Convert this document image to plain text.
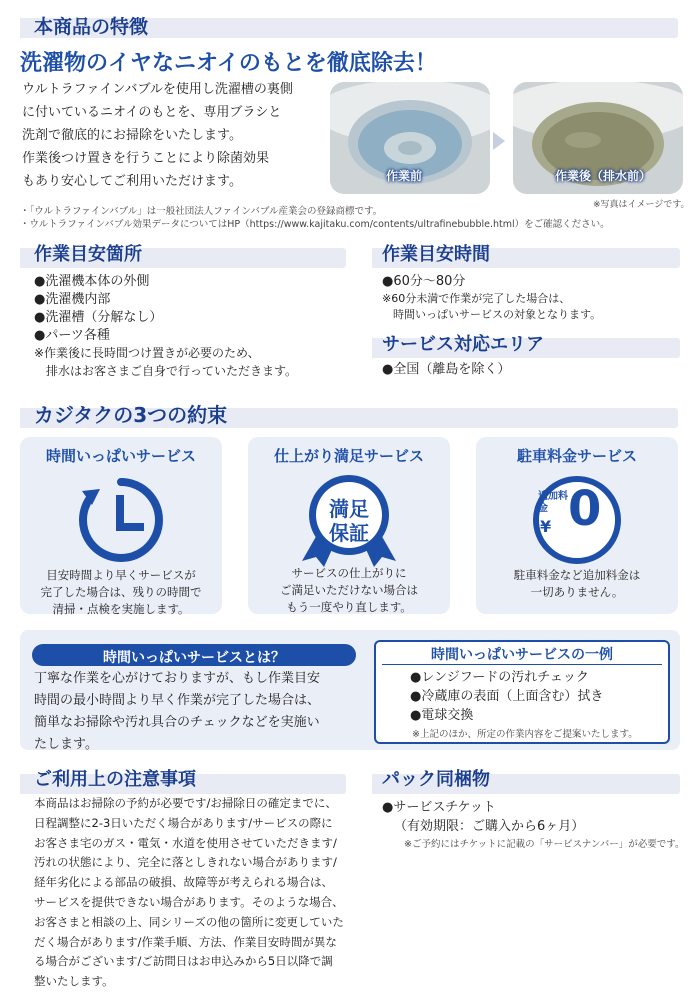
本商品の特徴
洗濯物のイヤなニオイのもとを徹底除去！
ウルトラファインバブルを使用し洗濯槽の裏側
に付いているニオイのもとを、専用ブラシと
洗剤で徹底的にお掃除をいたします。
作業後つけ置きを行うことにより除菌効果
もあり安心してご利用いただけます。	作業前	作業後（排水前）
※写真はイメージです。
・「ウルトラファインバブル」は一般社団法人ファインバブル産業会の登録商標です。
・ウルトラファインバブル効果データについてはHP（https://www.kajitaku.com/contents/ultrafinebubble.html）をご確認ください。
作業目安箇所
●洗濯機本体の外側
●洗濯機内部
●洗濯槽（分解なし）
●パーツ各種
※作業後に長時間つけ置きが必要のため、
　排水はお客さまご自身で行っていただきます。
作業目安時間
●60分〜80分
※60分未満で作業が完了した場合は、
　時間いっぱいサービスの対象となります。
サービス対応エリア
●全国（離島を除く）
カジタクの3つの約束
時間いっぱいサービス
目安時間より早くサービスが
完了した場合は、残りの時間で
清掃・点検を実施します。
仕上がり満足サービス
満足
保証
サービスの仕上がりに
ご満足いただけない場合は
もう一度やり直します。
駐車料金サービス
追加料金
¥ 0
駐車料金など追加料金は
一切ありません。
時間いっぱいサービスとは？
丁寧な作業を心がけておりますが、もし作業目安
時間の最小時間より早く作業が完了した場合は、
簡単なお掃除や汚れ具合のチェックなどを実施い
たします。
時間いっぱいサービスの一例
●レンジフードの汚れチェック
●冷蔵庫の表面（上面含む）拭き
●電球交換
※上記のほか、所定の作業内容をご提案いたします。
ご利用上の注意事項
本商品はお掃除の予約が必要です/お掃除日の確定までに、日程調整に2-3日いただく場合があります/サービスの際にお客さま宅のガス・電気・水道を使用させていただきます/汚れの状態により、完全に落としきれない場合があります/経年劣化による部品の破損、故障等が考えられる場合は、サービスを提供できない場合があります。そのような場合、お客さまと相談の上、同シリーズの他の箇所に変更していただく場合があります/作業手順、方法、作業目安時間が異なる場合がございます/ご訪問日はお申込みから5日以降で調整いたします。
パック同梱物
●サービスチケット
（有効期限：ご購入から6ヶ月）
※ご予約にはチケットに記載の「サービスナンバー」が必要です。
